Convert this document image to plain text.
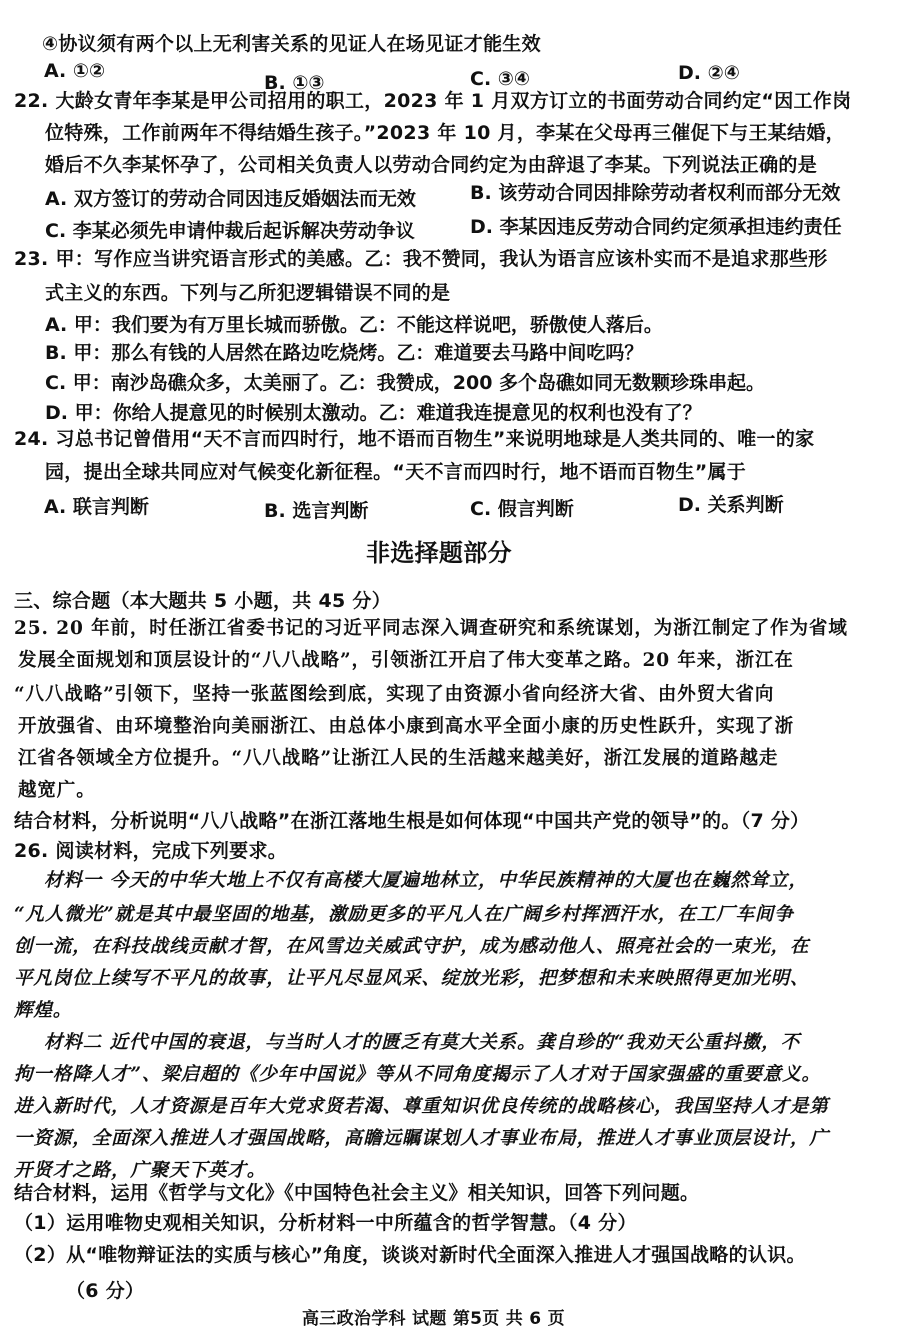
④协议须有两个以上无利害关系的见证人在场见证才能生效
A. ①②
B. ①③	C. ③④	D. ②④
22. 大龄女青年李某是甲公司招用的职工，2023 年 1 月双方订立的书面劳动合同约定“因工作岗
位特殊，工作前两年不得结婚生孩子。”2023 年 10 月，李某在父母再三催促下与王某结婚，
婚后不久李某怀孕了，公司相关负责人以劳动合同约定为由辞退了李某。下列说法正确的是
A. 双方签订的劳动合同因违反婚姻法而无效	B. 该劳动合同因排除劳动者权利而部分无效
C. 李某必须先申请仲裁后起诉解决劳动争议	D. 李某因违反劳动合同约定须承担违约责任
23. 甲：写作应当讲究语言形式的美感。乙：我不赞同，我认为语言应该朴实而不是追求那些形
式主义的东西。下列与乙所犯逻辑错误不同的是
A. 甲：我们要为有万里长城而骄傲。乙：不能这样说吧，骄傲使人落后。
B. 甲：那么有钱的人居然在路边吃烧烤。乙：难道要去马路中间吃吗？
C. 甲：南沙岛礁众多，太美丽了。乙：我赞成，200 多个岛礁如同无数颗珍珠串起。
D. 甲：你给人提意见的时候别太激动。乙：难道我连提意见的权利也没有了？
24. 习总书记曾借用“天不言而四时行，地不语而百物生”来说明地球是人类共同的、唯一的家
园，提出全球共同应对气候变化新征程。“天不言而四时行，地不语而百物生”属于
A. 联言判断	B. 选言判断	C. 假言判断	D. 关系判断
非选择题部分
三、综合题（本大题共 5 小题，共 45 分）
25. 20 年前，时任浙江省委书记的习近平同志深入调查研究和系统谋划，为浙江制定了作为省域
发展全面规划和顶层设计的“八八战略”，引领浙江开启了伟大变革之路。20 年来，浙江在
“八八战略”引领下，坚持一张蓝图绘到底，实现了由资源小省向经济大省、由外贸大省向
开放强省、由环境整治向美丽浙江、由总体小康到高水平全面小康的历史性跃升，实现了浙
江省各领域全方位提升。“八八战略”让浙江人民的生活越来越美好，浙江发展的道路越走
越宽广。
结合材料，分析说明“八八战略”在浙江落地生根是如何体现“中国共产党的领导”的。（7 分）
26. 阅读材料，完成下列要求。
材料一 今天的中华大地上不仅有高楼大厦遍地林立，中华民族精神的大厦也在巍然耸立，
“凡人微光”就是其中最坚固的地基，激励更多的平凡人在广阔乡村挥洒汗水，在工厂车间争
创一流，在科技战线贡献才智，在风雪边关威武守护，成为感动他人、照亮社会的一束光，在
平凡岗位上续写不平凡的故事，让平凡尽显风采、绽放光彩，把梦想和未来映照得更加光明、
辉煌。
材料二 近代中国的衰退，与当时人才的匮乏有莫大关系。龚自珍的“我劝天公重抖擞，不
拘一格降人才”、梁启超的《少年中国说》等从不同角度揭示了人才对于国家强盛的重要意义。
进入新时代，人才资源是百年大党求贤若渴、尊重知识优良传统的战略核心，我国坚持人才是第
一资源，全面深入推进人才强国战略，高瞻远瞩谋划人才事业布局，推进人才事业顶层设计，广
开贤才之路，广聚天下英才。
结合材料，运用《哲学与文化》《中国特色社会主义》相关知识，回答下列问题。
（1）运用唯物史观相关知识，分析材料一中所蕴含的哲学智慧。（4 分）
（2）从“唯物辩证法的实质与核心”角度，谈谈对新时代全面深入推进人才强国战略的认识。
（6 分）
高三政治学科 试题 第5页 共 6 页
